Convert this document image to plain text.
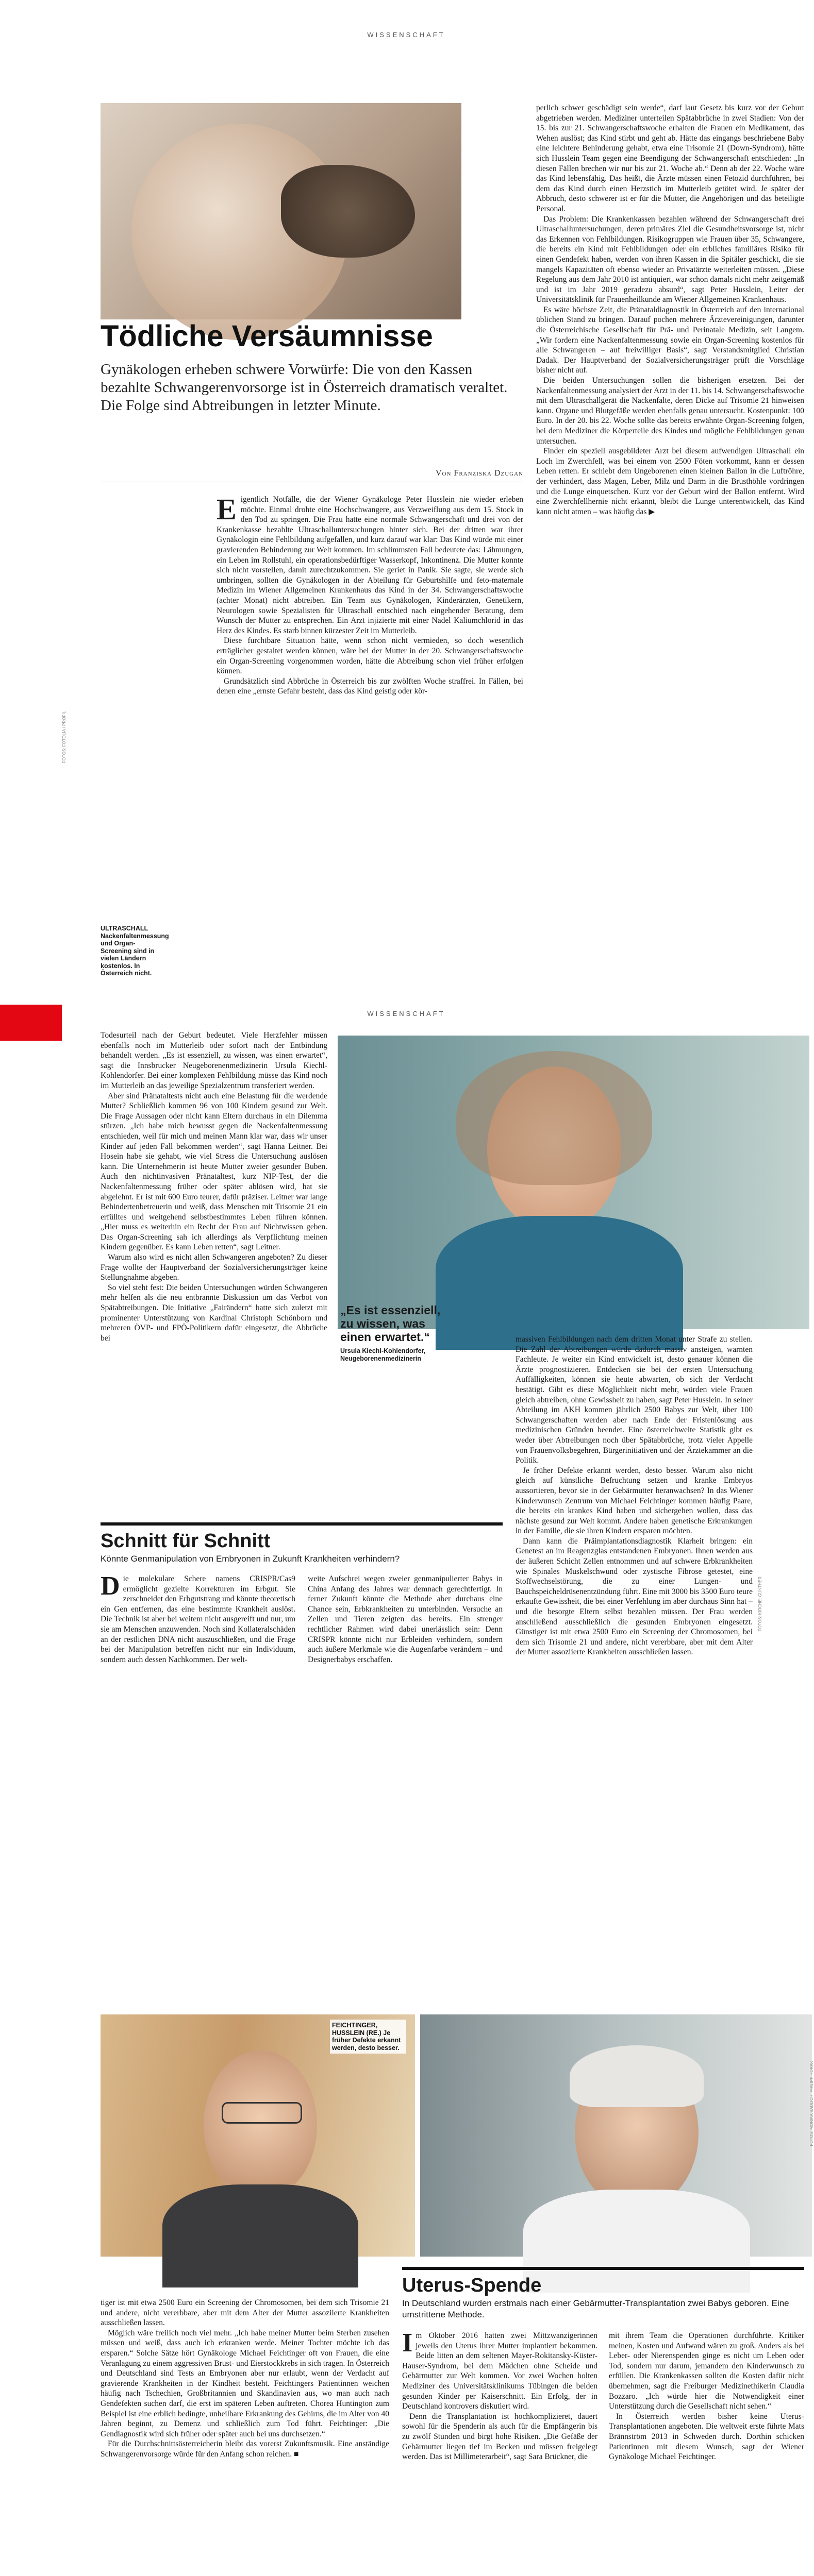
WISSENSCHAFT
Tödliche Versäumnisse
Gynäkologen erheben schwere Vorwürfe: Die von den Kassen bezahlte Schwangerenvorsorge ist in Österreich dramatisch veraltet. Die Folge sind Abtreibungen in letzter Minute.
Von Franziska Dzugan
FOTOS: FOTOLIA / PROFIL
ULTRASCHALL Nackenfaltenmessung und Organ-Screening sind in vielen Ländern kostenlos. In Österreich nicht.

Eigentlich Notfälle, die der Wiener Gynäkologe Peter Husslein nie wieder erleben möchte. Einmal drohte eine Hochschwangere, aus Verzweiflung aus dem 15. Stock in den Tod zu springen. Die Frau hatte eine normale Schwangerschaft und drei von der Krankenkasse bezahlte Ultraschalluntersuchungen hinter sich. Bei der dritten war ihrer Gynäkologin eine Fehlbildung aufgefallen, und kurz darauf war klar: Das Kind würde mit einer gravierenden Behinderung zur Welt kommen. Im schlimmsten Fall bedeutete das: Lähmungen, ein Leben im Rollstuhl, ein operationsbedürftiger Wasserkopf, Inkontinenz. Die Mutter konnte sich nicht vorstellen, damit zurechtzukommen. Sie geriet in Panik. Sie sagte, sie werde sich umbringen, sollten die Gynäkologen in der Abteilung für Geburtshilfe und feto-maternale Medizin im Wiener Allgemeinen Krankenhaus das Kind in der 34. Schwangerschaftswoche (achter Monat) nicht abtreiben. Ein Team aus Gynäkologen, Kinderärzten, Genetikern, Neurologen sowie Spezialisten für Ultraschall entschied nach eingehender Beratung, dem Wunsch der Mutter zu entsprechen. Ein Arzt injizierte mit einer Nadel Kaliumchlorid in das Herz des Kindes. Es starb binnen kürzester Zeit im Mutterleib.

Diese furchtbare Situation hätte, wenn schon nicht vermieden, so doch wesentlich erträglicher gestaltet werden können, wäre bei der Mutter in der 20. Schwangerschaftswoche ein Organ-Screening vorgenommen worden, hätte die Abtreibung schon viel früher erfolgen können.

Grundsätzlich sind Abbrüche in Österreich bis zur zwölften Woche straffrei. In Fällen, bei denen eine „ernste Gefahr besteht, dass das Kind geistig oder kör-

perlich schwer geschädigt sein werde“, darf laut Gesetz bis kurz vor der Geburt abgetrieben werden. Mediziner unterteilen Spätabbrüche in zwei Stadien: Von der 15. bis zur 21. Schwangerschaftswoche erhalten die Frauen ein Medikament, das Wehen auslöst; das Kind stirbt und geht ab. Hätte das eingangs beschriebene Baby eine leichtere Behinderung gehabt, etwa eine Trisomie 21 (Down-Syndrom), hätte sich Husslein Team gegen eine Beendigung der Schwangerschaft entschieden: „In diesen Fällen brechen wir nur bis zur 21. Woche ab.“ Denn ab der 22. Woche wäre das Kind lebensfähig. Das heißt, die Ärzte müssen einen Fetozid durchführen, bei dem das Kind durch einen Herzstich im Mutterleib getötet wird. Je später der Abbruch, desto schwerer ist er für die Mutter, die Angehörigen und das beteiligte Personal.

Das Problem: Die Krankenkassen bezahlen während der Schwangerschaft drei Ultraschalluntersuchungen, deren primäres Ziel die Gesundheitsvorsorge ist, nicht das Erkennen von Fehlbildungen. Risikogruppen wie Frauen über 35, Schwangere, die bereits ein Kind mit Fehlbildungen oder ein erbliches familiäres Risiko für einen Gendefekt haben, werden von ihren Kassen in die Spitäler geschickt, die sie mangels Kapazitäten oft ebenso wieder an Privatärzte weiterleiten müssen. „Diese Regelung aus dem Jahr 2010 ist antiquiert, war schon damals nicht mehr zeitgemäß und ist im Jahr 2019 geradezu absurd“, sagt Peter Husslein, Leiter der Universitätsklinik für Frauenheilkunde am Wiener Allgemeinen Krankenhaus.

Es wäre höchste Zeit, die Pränataldiagnostik in Österreich auf den international üblichen Stand zu bringen. Darauf pochen mehrere Ärztevereinigungen, darunter die Österreichische Gesellschaft für Prä- und Perinatale Medizin, seit Langem. „Wir fordern eine Nackenfaltenmessung sowie ein Organ-Screening kostenlos für alle Schwangeren – auf freiwilliger Basis“, sagt Verstandsmitglied Christian Dadak. Der Hauptverband der Sozialversicherungsträger prüft die Vorschläge bisher nicht auf.

Die beiden Untersuchungen sollen die bisherigen ersetzen. Bei der Nackenfaltenmessung analysiert der Arzt in der 11. bis 14. Schwangerschaftswoche mit dem Ultraschallgerät die Nackenfalte, deren Dicke auf Trisomie 21 hinweisen kann. Organe und Blutgefäße werden ebenfalls genau untersucht. Kostenpunkt: 100 Euro. In der 20. bis 22. Woche sollte das bereits erwähnte Organ-Screening folgen, bei dem Mediziner die Körperteile des Kindes und mögliche Fehlbildungen genau untersuchen.

Finder ein speziell ausgebildeter Arzt bei diesem aufwendigen Ultraschall ein Loch im Zwerchfell, was bei einem von 2500 Föten vorkommt, kann er dessen Leben retten. Er schiebt dem Ungeborenen einen kleinen Ballon in die Luftröhre, der verhindert, dass Magen, Leber, Milz und Darm in die Brusthöhle vordringen und die Lunge einquetschen. Kurz vor der Geburt wird der Ballon entfernt. Wird eine Zwerchfellhernie nicht erkannt, bleibt die Lunge unterentwickelt, das Kind kann nicht atmen – was häufig das ▶

WISSENSCHAFT
„Es ist essenziell, zu wissen, was einen erwartet.“
Ursula Kiechl-Kohlendorfer, Neugeborenenmedizinerin

Todesurteil nach der Geburt bedeutet. Viele Herzfehler müssen ebenfalls noch im Mutterleib oder sofort nach der Entbindung behandelt werden. „Es ist essenziell, zu wissen, was einen erwartet“, sagt die Innsbrucker Neugeborenenmedizinerin Ursula Kiechl-Kohlendorfer. Bei einer komplexen Fehlbildung müsse das Kind noch im Mutterleib an das jeweilige Spezialzentrum transferiert werden.

Aber sind Pränataltests nicht auch eine Belastung für die werdende Mutter? Schließlich kommen 96 von 100 Kindern gesund zur Welt. Die Frage Aussagen oder nicht kann Eltern durchaus in ein Dilemma stürzen. „Ich habe mich bewusst gegen die Nackenfaltenmessung entschieden, weil für mich und meinen Mann klar war, dass wir unser Kinder auf jeden Fall bekommen werden“, sagt Hanna Leitner. Bei Hosein habe sie gehabt, wie viel Stress die Untersuchung auslösen kann. Die Unternehmerin ist heute Mutter zweier gesunder Buben. Auch den nichtinvasiven Pränataltest, kurz NIP-Test, der die Nackenfaltenmessung früher oder später ablösen wird, hat sie abgelehnt. Er ist mit 600 Euro teurer, dafür präziser. Leitner war lange Behindertenbetreuerin und weiß, dass Menschen mit Trisomie 21 ein erfülltes und weitgehend selbstbestimmtes Leben führen können. „Hier muss es weiterhin ein Recht der Frau auf Nichtwissen geben. Das Organ-Screening sah ich allerdings als Verpflichtung meinen Kindern gegenüber. Es kann Leben retten“, sagt Leitner.

Warum also wird es nicht allen Schwangeren angeboten? Zu dieser Frage wollte der Hauptverband der Sozialversicherungsträger keine Stellungnahme abgeben.

So viel steht fest: Die beiden Untersuchungen würden Schwangeren mehr helfen als die neu entbrannte Diskussion um das Verbot von Spätabtreibungen. Die Initiative „Fairändern“ hatte sich zuletzt mit prominenter Unterstützung von Kardinal Christoph Schönborn und mehreren ÖVP- und FPÖ-Politikern dafür eingesetzt, die Abbrüche bei	massiven Fehlbildungen nach dem dritten Monat unter Strafe zu stellen. Die Zahl der Abtreibungen würde dadurch massiv ansteigen, warnten Fachleute. Je weiter ein Kind entwickelt ist, desto genauer können die Ärzte prognostizieren. Entdecken sie bei der ersten Untersuchung Auffälligkeiten, können sie heute abwarten, ob sich der Verdacht bestätigt. Gibt es diese Möglichkeit nicht mehr, würden viele Frauen gleich abtreiben, ohne Gewissheit zu haben, sagt Peter Husslein. In seiner Abteilung im AKH kommen jährlich 2500 Babys zur Welt, über 100 Schwangerschaften werden aber nach Ende der Fristenlösung aus medizinischen Gründen beendet. Eine österreichweite Statistik gibt es weder über Abtreibungen noch über Spätabbrüche, trotz vieler Appelle von Frauenvolksbegehren, Bürgerinitiativen und der Ärztekammer an die Politik.

Je früher Defekte erkannt werden, desto besser. Warum also nicht gleich auf künstliche Befruchtung setzen und kranke Embryos aussortieren, bevor sie in der Gebärmutter heranwachsen? In das Wiener Kinderwunsch Zentrum von Michael Feichtinger kommen häufig Paare, die bereits ein krankes Kind haben und sichergehen wollen, dass das nächste gesund zur Welt kommt. Andere haben genetische Erkrankungen in der Familie, die sie ihren Kindern ersparen möchten.

Dann kann die Präimplantationsdiagnostik Klarheit bringen: ein Genetest an im Reagenzglas entstandenen Embryonen. Ihnen werden aus der äußeren Schicht Zellen entnommen und auf schwere Erbkrankheiten wie Spinales Muskelschwund oder zystische Fibrose getestet, eine Stoffwechselstörung, die zu einer Lungen- und Bauchspeicheldrüsenentzündung führt. Eine mit 3000 bis 3500 Euro teure erkaufte Gewissheit, die bei einer Verfehlung im aber durchaus Sinn hat – und die besorgte Eltern selbst bezahlen müssen. Der Frau werden anschließend ausschließlich die gesunden Embryonen eingesetzt. Günstiger ist mit etwa 2500 Euro ein Screening der Chromosomen, bei dem sich Trisomie 21 und andere, nicht vererbbare, aber mit dem Alter der Mutter assoziierte Krankheiten ausschließen lassen.

FOTOS: KIRCHE: GÜNTHER
Schnitt für Schnitt
Könnte Genmanipulation von Embryonen in Zukunft Krankheiten verhindern?
Die molekulare Schere namens CRISPR/Cas9 ermöglicht gezielte Korrekturen im Erbgut. Sie zerschneidet den Erbgutstrang und könnte theoretisch ein Gen entfernen, das eine bestimmte Krankheit auslöst. Die Technik ist aber bei weitem nicht ausgereift und nur, um sie am Menschen anzuwenden. Noch sind Kollateralschäden an der restlichen DNA nicht auszuschließen, und die Frage bei der Manipulation betreffen nicht nur ein Individuum, sondern auch dessen Nachkommen. Der welt-
weite Aufschrei wegen zweier genmanipulierter Babys in China Anfang des Jahres war demnach gerechtfertigt. In ferner Zukunft könnte die Methode aber durchaus eine Chance sein, Erbkrankheiten zu unterbinden. Versuche an Zellen und Tieren zeigten das bereits. Ein strenger rechtlicher Rahmen wird dabei unerlässlich sein: Denn CRISPR könnte nicht nur Erbleiden verhindern, sondern auch äußere Merkmale wie die Augenfarbe verändern – und Designerbabys erschaffen.
FEICHTINGER, HUSSLEIN (RE.) Je früher Defekte erkannt werden, desto besser.
FOTOS: MONIKA SAULICH, PHILIPP HORAK

tiger ist mit etwa 2500 Euro ein Screening der Chromosomen, bei dem sich Trisomie 21 und andere, nicht vererbbare, aber mit dem Alter der Mutter assoziierte Krankheiten ausschließen lassen.

Möglich wäre freilich noch viel mehr. „Ich habe meiner Mutter beim Sterben zusehen müssen und weiß, dass auch ich erkranken werde. Meiner Tochter möchte ich das ersparen.“ Solche Sätze hört Gynäkologe Michael Feichtinger oft von Frauen, die eine Veranlagung zu einem aggressiven Brust- und Eierstockkrebs in sich tragen. In Österreich und Deutschland sind Tests an Embryonen aber nur erlaubt, wenn der Verdacht auf gravierende Krankheiten in der Kindheit besteht. Feichtingers Patientinnen weichen häufig nach Tschechien, Großbritannien und Skandinavien aus, wo man auch nach Gendefekten suchen darf, die erst im späteren Leben auftreten. Chorea Huntington zum Beispiel ist eine erblich bedingte, unheilbare Erkrankung des Gehirns, die im Alter von 40 Jahren beginnt, zu Demenz und schließlich zum Tod führt. Feichtinger: „Die Gendiagnostik wird sich früher oder später auch bei uns durchsetzen.“

Für die Durchschnittsösterreicherin bleibt das vorerst Zukunftsmusik. Eine anständige Schwangerenvorsorge würde für den Anfang schon reichen. ■

Uterus-Spende
In Deutschland wurden erstmals nach einer Gebärmutter-Transplantation zwei Babys geboren. Eine umstrittene Methode.
Im Oktober 2016 hatten zwei Mittzwanzigerinnen jeweils den Uterus ihrer Mutter implantiert bekommen. Beide litten an dem seltenen Mayer-Rokitansky-Küster-Hauser-Syndrom, bei dem Mädchen ohne Scheide und Gebärmutter zur Welt kommen. Vor zwei Wochen holten Mediziner des Universitätsklinikums Tübingen die beiden gesunden Kinder per Kaiserschnitt. Ein Erfolg, der in Deutschland kontrovers diskutiert wird.

Denn die Transplantation ist hochkomplizieret, dauert sowohl für die Spenderin als auch für die Empfängerin bis zu zwölf Stunden und birgt hohe Risiken. „Die Gefäße der Gebärmutter liegen tief im Becken und müssen freigelegt werden. Das ist Millimeterarbeit“, sagt Sara Brückner, die

mit ihrem Team die Operationen durchführte. Kritiker meinen, Kosten und Aufwand wären zu groß. Anders als bei Leber- oder Nierenspenden ginge es nicht um Leben oder Tod, sondern nur darum, jemandem den Kinderwunsch zu erfüllen. Die Krankenkassen sollten die Kosten dafür nicht übernehmen, sagt die Freiburger Medizinethikerin Claudia Bozzaro. „Ich würde hier die Notwendigkeit einer Unterstützung durch die Gesellschaft nicht sehen.“

In Österreich werden bisher keine Uterus-Transplantationen angeboten. Die weltweit erste führte Mats Brännström 2013 in Schweden durch. Dorthin schicken Patientinnen mit diesem Wunsch, sagt der Wiener Gynäkologe Michael Feichtinger.
